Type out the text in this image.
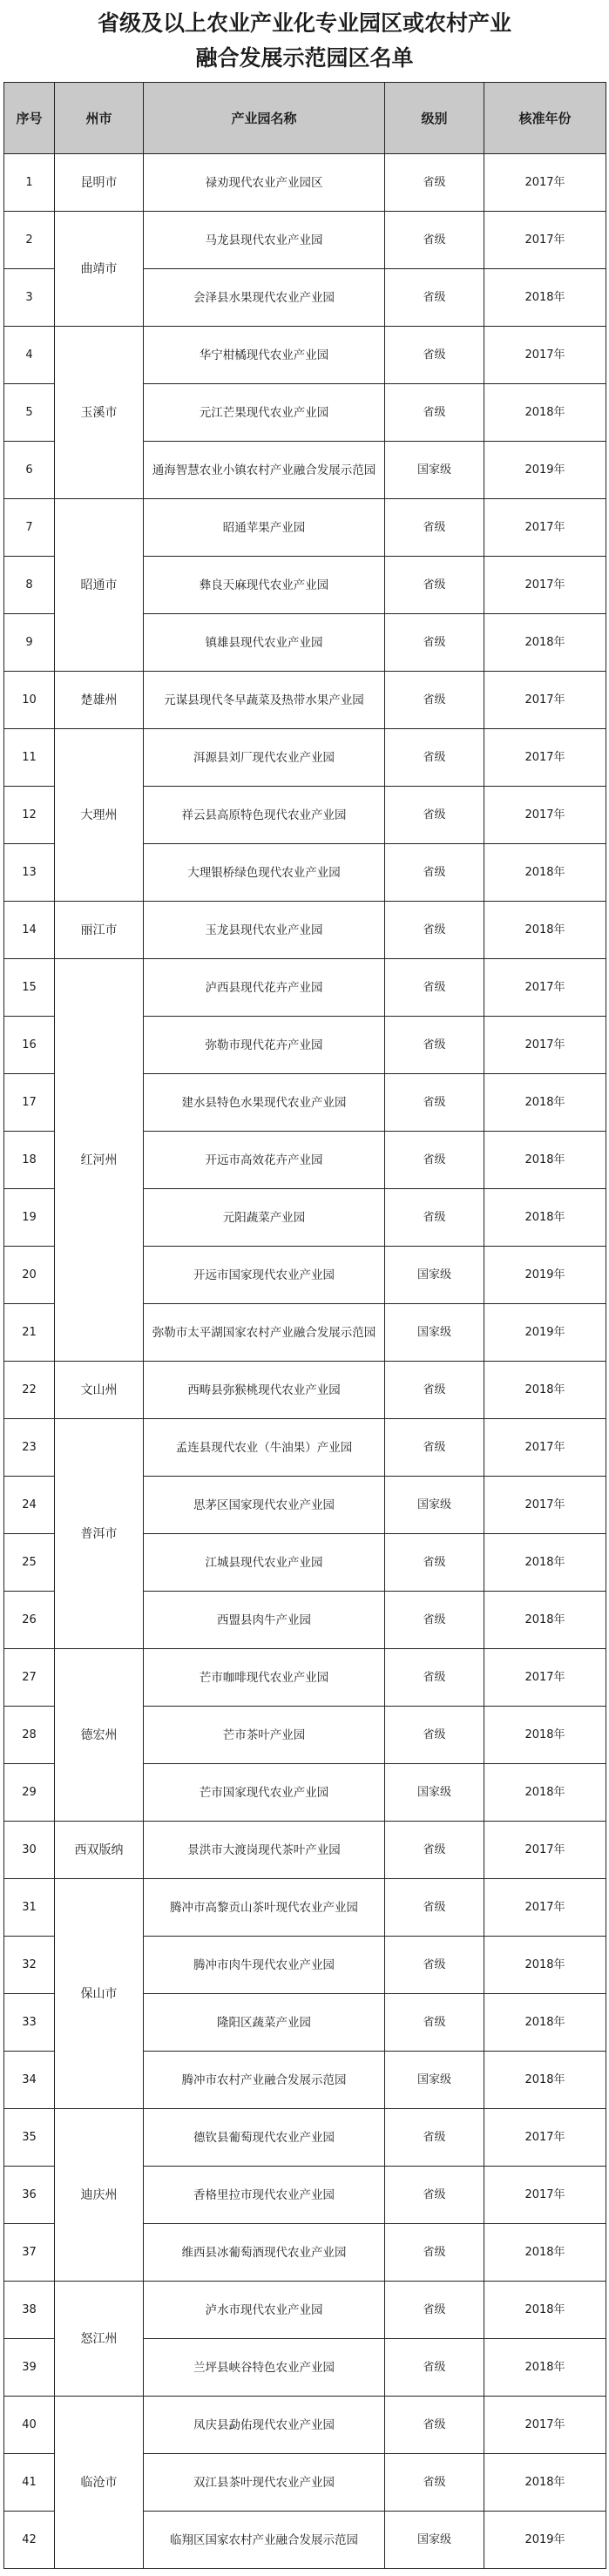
省级及以上农业产业化专业园区或农村产业
融合发展示范园区名单
序号	州市	产业园名称	级别	核准年份
1	昆明市	禄劝现代农业产业园区	省级	2017年
2	曲靖市	马龙县现代农业产业园	省级	2017年
3		会泽县水果现代农业产业园	省级	2018年
4	玉溪市	华宁柑橘现代农业产业园	省级	2017年
5		元江芒果现代农业产业园	省级	2018年
6		通海智慧农业小镇农村产业融合发展示范园	国家级	2019年
7	昭通市	昭通苹果产业园	省级	2017年
8		彝良天麻现代农业产业园	省级	2017年
9		镇雄县现代农业产业园	省级	2018年
10	楚雄州	元谋县现代冬早蔬菜及热带水果产业园	省级	2017年
11	大理州	洱源县刘厂现代农业产业园	省级	2017年
12		祥云县高原特色现代农业产业园	省级	2017年
13		大理银桥绿色现代农业产业园	省级	2018年
14	丽江市	玉龙县现代农业产业园	省级	2018年
15	红河州	泸西县现代花卉产业园	省级	2017年
16		弥勒市现代花卉产业园	省级	2017年
17		建水县特色水果现代农业产业园	省级	2018年
18		开远市高效花卉产业园	省级	2018年
19		元阳蔬菜产业园	省级	2018年
20		开远市国家现代农业产业园	国家级	2019年
21		弥勒市太平湖国家农村产业融合发展示范园	国家级	2019年
22	文山州	西畴县弥猴桃现代农业产业园	省级	2018年
23	普洱市	孟连县现代农业（牛油果）产业园	省级	2017年
24		思茅区国家现代农业产业园	国家级	2017年
25		江城县现代农业产业园	省级	2018年
26		西盟县肉牛产业园	省级	2018年
27	德宏州	芒市咖啡现代农业产业园	省级	2017年
28		芒市茶叶产业园	省级	2018年
29		芒市国家现代农业产业园	国家级	2018年
30	西双版纳	景洪市大渡岗现代茶叶产业园	省级	2017年
31	保山市	腾冲市高黎贡山茶叶现代农业产业园	省级	2017年
32		腾冲市肉牛现代农业产业园	省级	2018年
33		隆阳区蔬菜产业园	省级	2018年
34		腾冲市农村产业融合发展示范园	国家级	2018年
35	迪庆州	德钦县葡萄现代农业产业园	省级	2017年
36		香格里拉市现代农业产业园	省级	2017年
37		维西县冰葡萄酒现代农业产业园	省级	2018年
38	怒江州	泸水市现代农业产业园	省级	2018年
39		兰坪县峡谷特色农业产业园	省级	2018年
40	临沧市	凤庆县勐佑现代农业产业园	省级	2017年
41		双江县茶叶现代农业产业园	省级	2018年
42		临翔区国家农村产业融合发展示范园	国家级	2019年
